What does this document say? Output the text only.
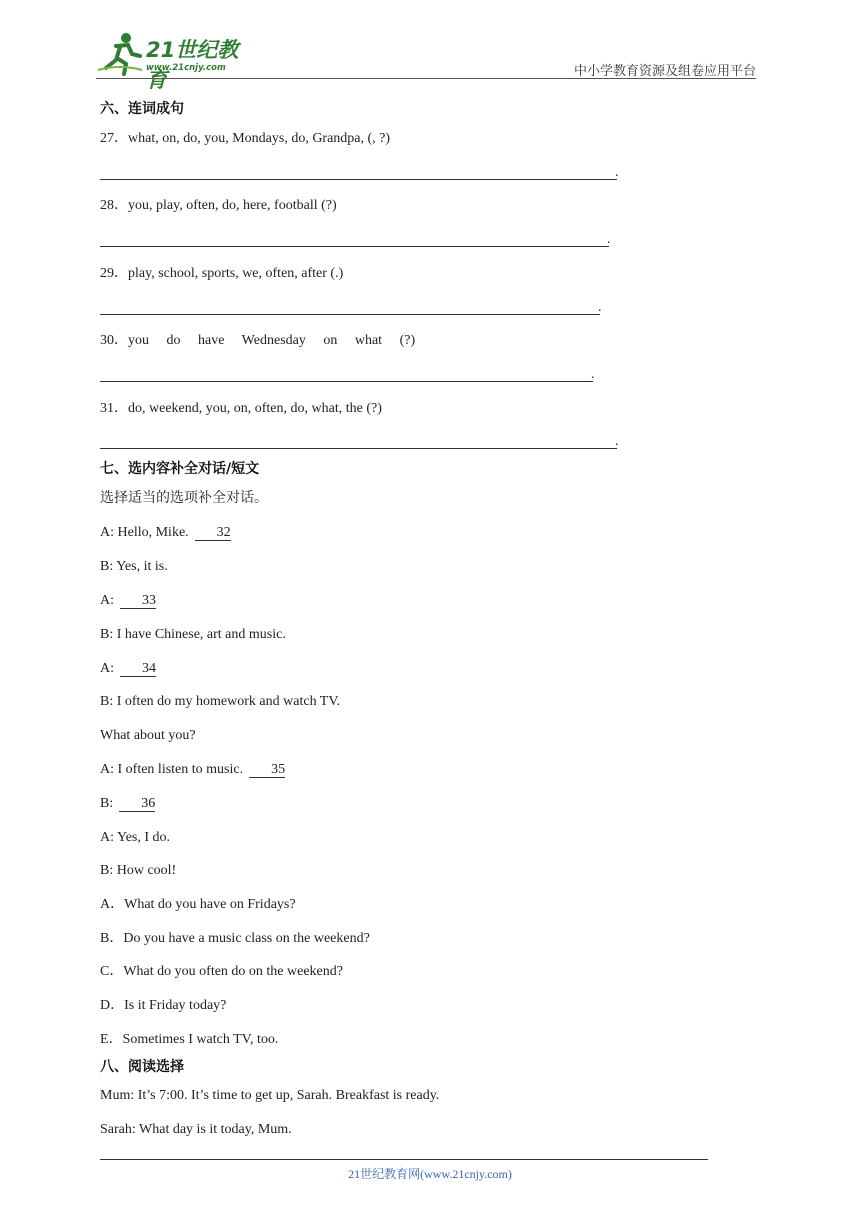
21世纪教育
www.21cnjy.com	中小学教育资源及组卷应用平台
六、连词成句
27．what, on, do, you, Mondays, do, Grandpa, (, ?)
.
28．you, play, often, do, here, football (?)
.
29．play, school, sports, we, often, after (.)
.
30．you do have Wednesday on what (?)
.
31．do, weekend, you, on, often, do, what, the (?)
.
七、选内容补全对话/短文
选择适当的选项补全对话。
A: Hello, Mike. 32
B: Yes, it is.
A: 33
B: I have Chinese, art and music.
A: 34
B: I often do my homework and watch TV.
What about you?
A: I often listen to music. 35
B: 36
A: Yes, I do.
B: How cool!
A．What do you have on Fridays?
B．Do you have a music class on the weekend?
C．What do you often do on the weekend?
D．Is it Friday today?
E．Sometimes I watch TV, too.
八、阅读选择
Mum: It’s 7:00. It’s time to get up, Sarah. Breakfast is ready.
Sarah: What day is it today, Mum.
21世纪教育网(www.21cnjy.com)
